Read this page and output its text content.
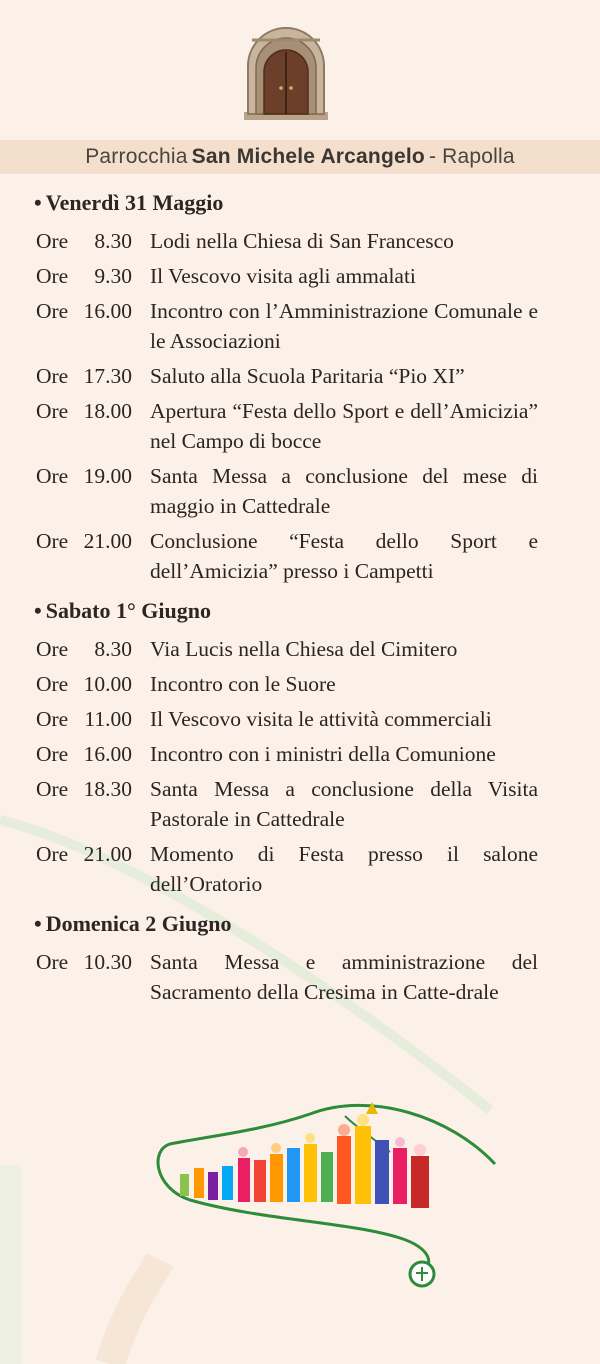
Parrocchia San Michele Arcangelo - Rapolla
• Venerdì 31 Maggio
Ore	8.30 Lodi nella Chiesa di San Francesco
Ore	9.30 Il Vescovo visita agli ammalati
Ore 16.00 Incontro con l’Amministrazione Comunale e le Associazioni
Ore 17.30 Saluto alla Scuola Paritaria “Pio XI”
Ore 18.00 Apertura “Festa dello Sport e dell’Amicizia” nel Campo di bocce
Ore 19.00 Santa Messa a conclusione del mese di maggio in Cattedrale
Ore 21.00 Conclusione “Festa dello Sport e dell’Amicizia” presso i Campetti
• Sabato 1° Giugno
Ore	8.30 Via Lucis nella Chiesa del Cimitero
Ore 10.00 Incontro con le Suore
Ore 11.00 Il Vescovo visita le attività commerciali
Ore 16.00 Incontro con i ministri della Comunione
Ore 18.30 Santa Messa a conclusione della Visita Pastorale in Cattedrale
Ore 21.00 Momento di Festa presso il salone dell’Oratorio
• Domenica 2 Giugno
Ore 10.30 Santa Messa e amministrazione del Sacramento della Cresima in Catte-drale
